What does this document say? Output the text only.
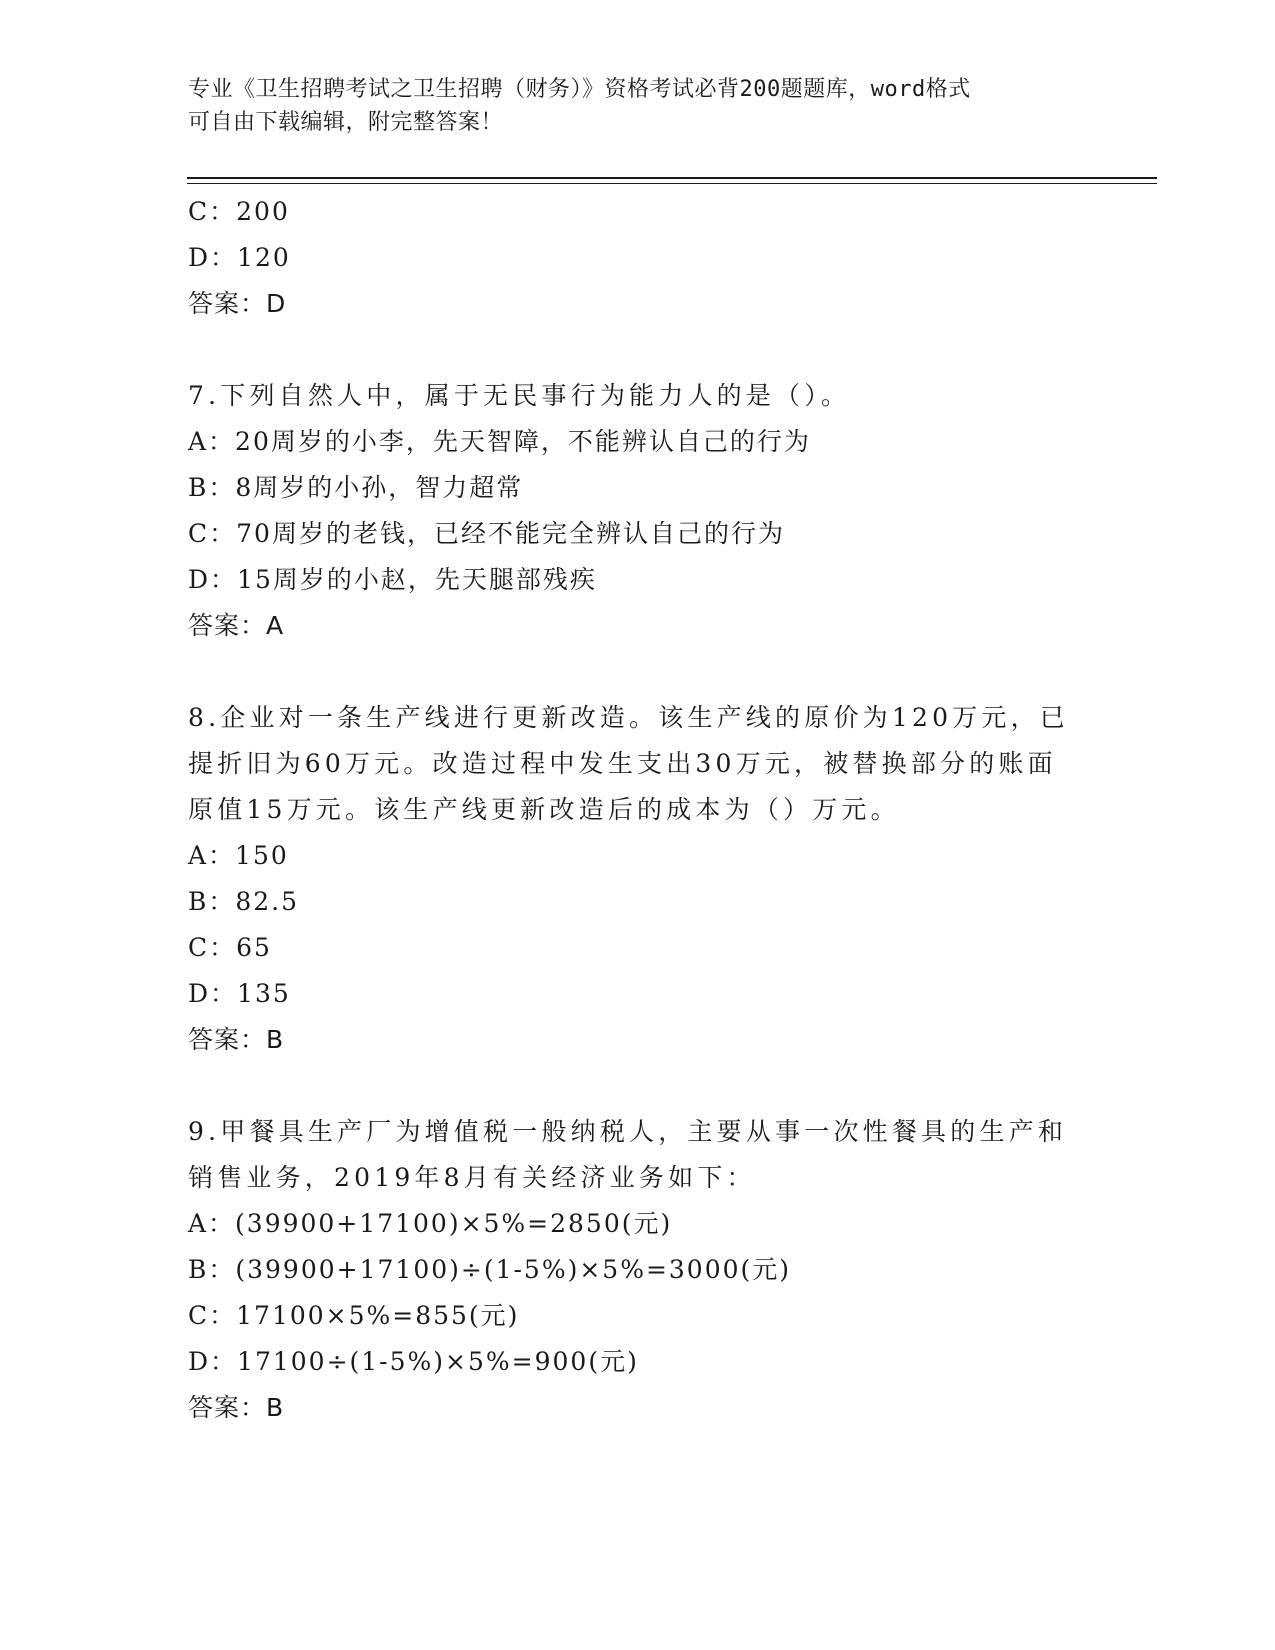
专业《卫生招聘考试之卫生招聘（财务）》资格考试必背200题题库，word格式
可自由下载编辑，附完整答案！
C：200
D：120
答案：D
7.下列自然人中，属于无民事行为能力人的是（）。
A：20周岁的小李，先天智障，不能辨认自己的行为
B：8周岁的小孙，智力超常
C：70周岁的老钱，已经不能完全辨认自己的行为
D：15周岁的小赵，先天腿部残疾
答案：A
8.企业对一条生产线进行更新改造。该生产线的原价为120万元，已提折旧为60万元。改造过程中发生支出30万元，被替换部分的账面原值15万元。该生产线更新改造后的成本为（）万元。
A：150
B：82.5
C：65
D：135
答案：B
9.甲餐具生产厂为增值税一般纳税人，主要从事一次性餐具的生产和销售业务，2019年8月有关经济业务如下：
A：(39900+17100)×5%=2850(元)
B：(39900+17100)÷(1-5%)×5%=3000(元)
C：17100×5%=855(元)
D：17100÷(1-5%)×5%=900(元)
答案：B
